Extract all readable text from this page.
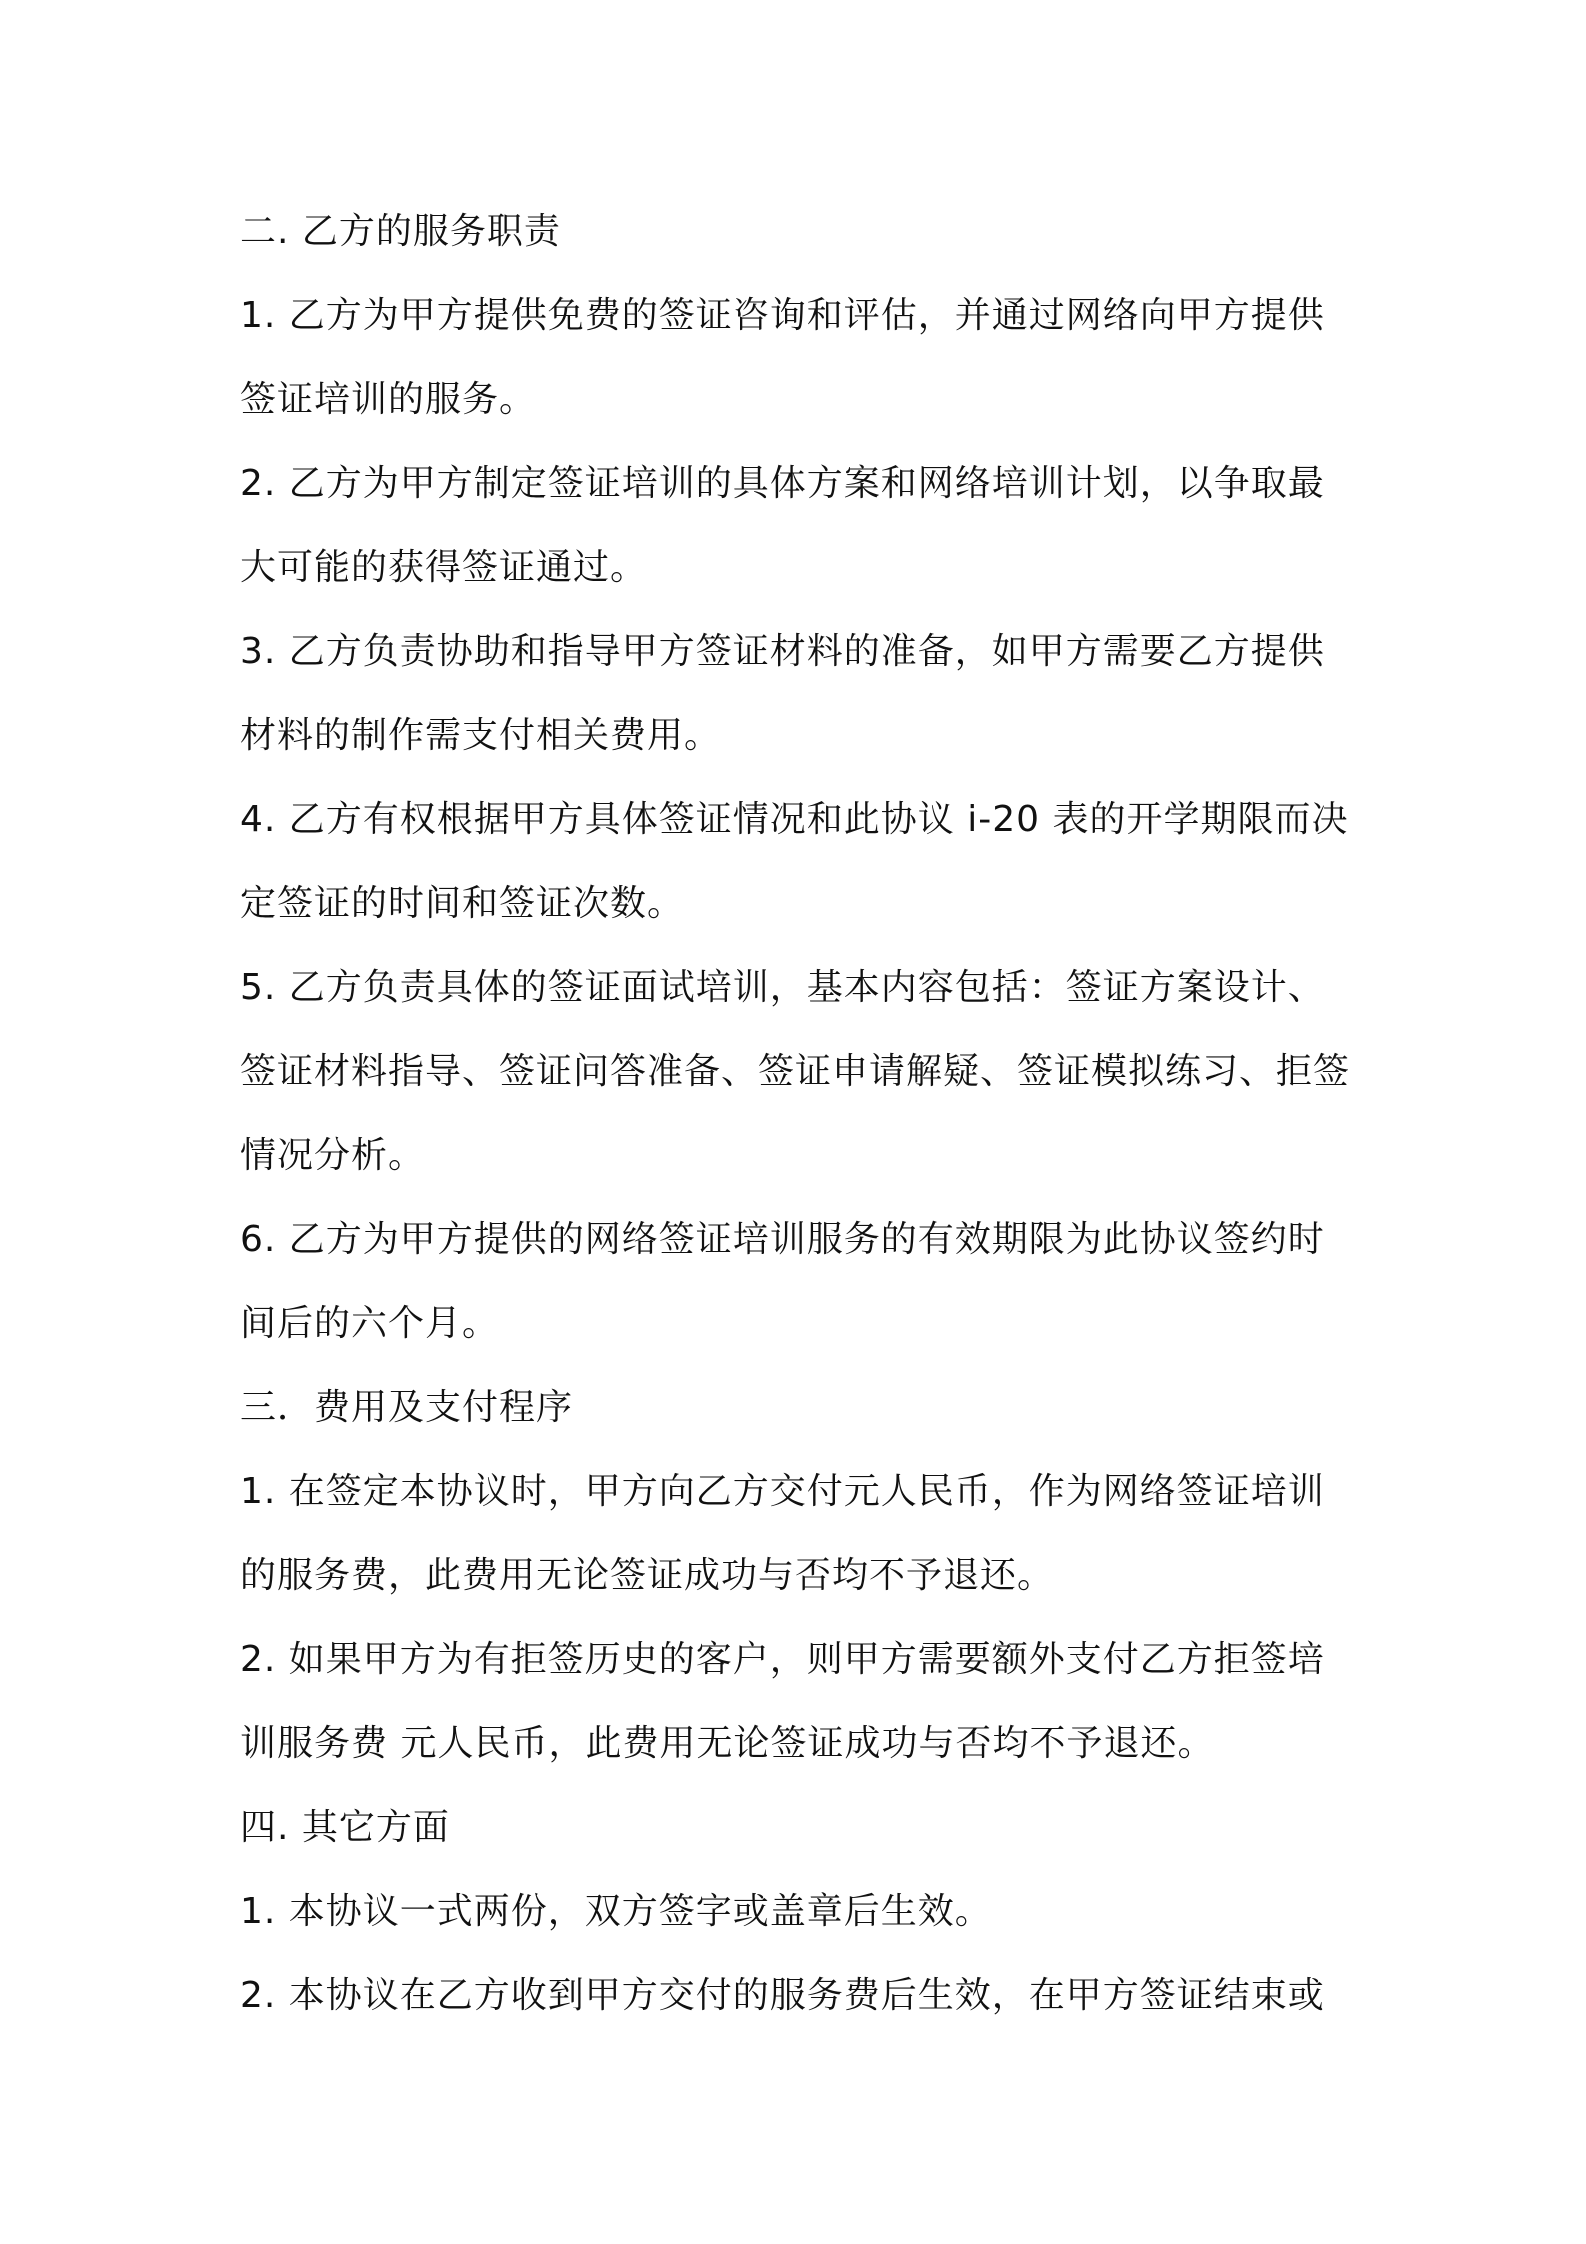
二. 乙方的服务职责
1. 乙方为甲方提供免费的签证咨询和评估，并通过网络向甲方提供
签证培训的服务。
2. 乙方为甲方制定签证培训的具体方案和网络培训计划，以争取最
大可能的获得签证通过。
3. 乙方负责协助和指导甲方签证材料的准备，如甲方需要乙方提供
材料的制作需支付相关费用。
4. 乙方有权根据甲方具体签证情况和此协议 i-20 表的开学期限而决
定签证的时间和签证次数。
5. 乙方负责具体的签证面试培训，基本内容包括：签证方案设计、
签证材料指导、签证问答准备、签证申请解疑、签证模拟练习、拒签
情况分析。
6. 乙方为甲方提供的网络签证培训服务的有效期限为此协议签约时
间后的六个月。
三．费用及支付程序
1. 在签定本协议时，甲方向乙方交付元人民币，作为网络签证培训
的服务费，此费用无论签证成功与否均不予退还。
2. 如果甲方为有拒签历史的客户，则甲方需要额外支付乙方拒签培
训服务费 元人民币，此费用无论签证成功与否均不予退还。
四. 其它方面
1. 本协议一式两份，双方签字或盖章后生效。
2. 本协议在乙方收到甲方交付的服务费后生效，在甲方签证结束或
